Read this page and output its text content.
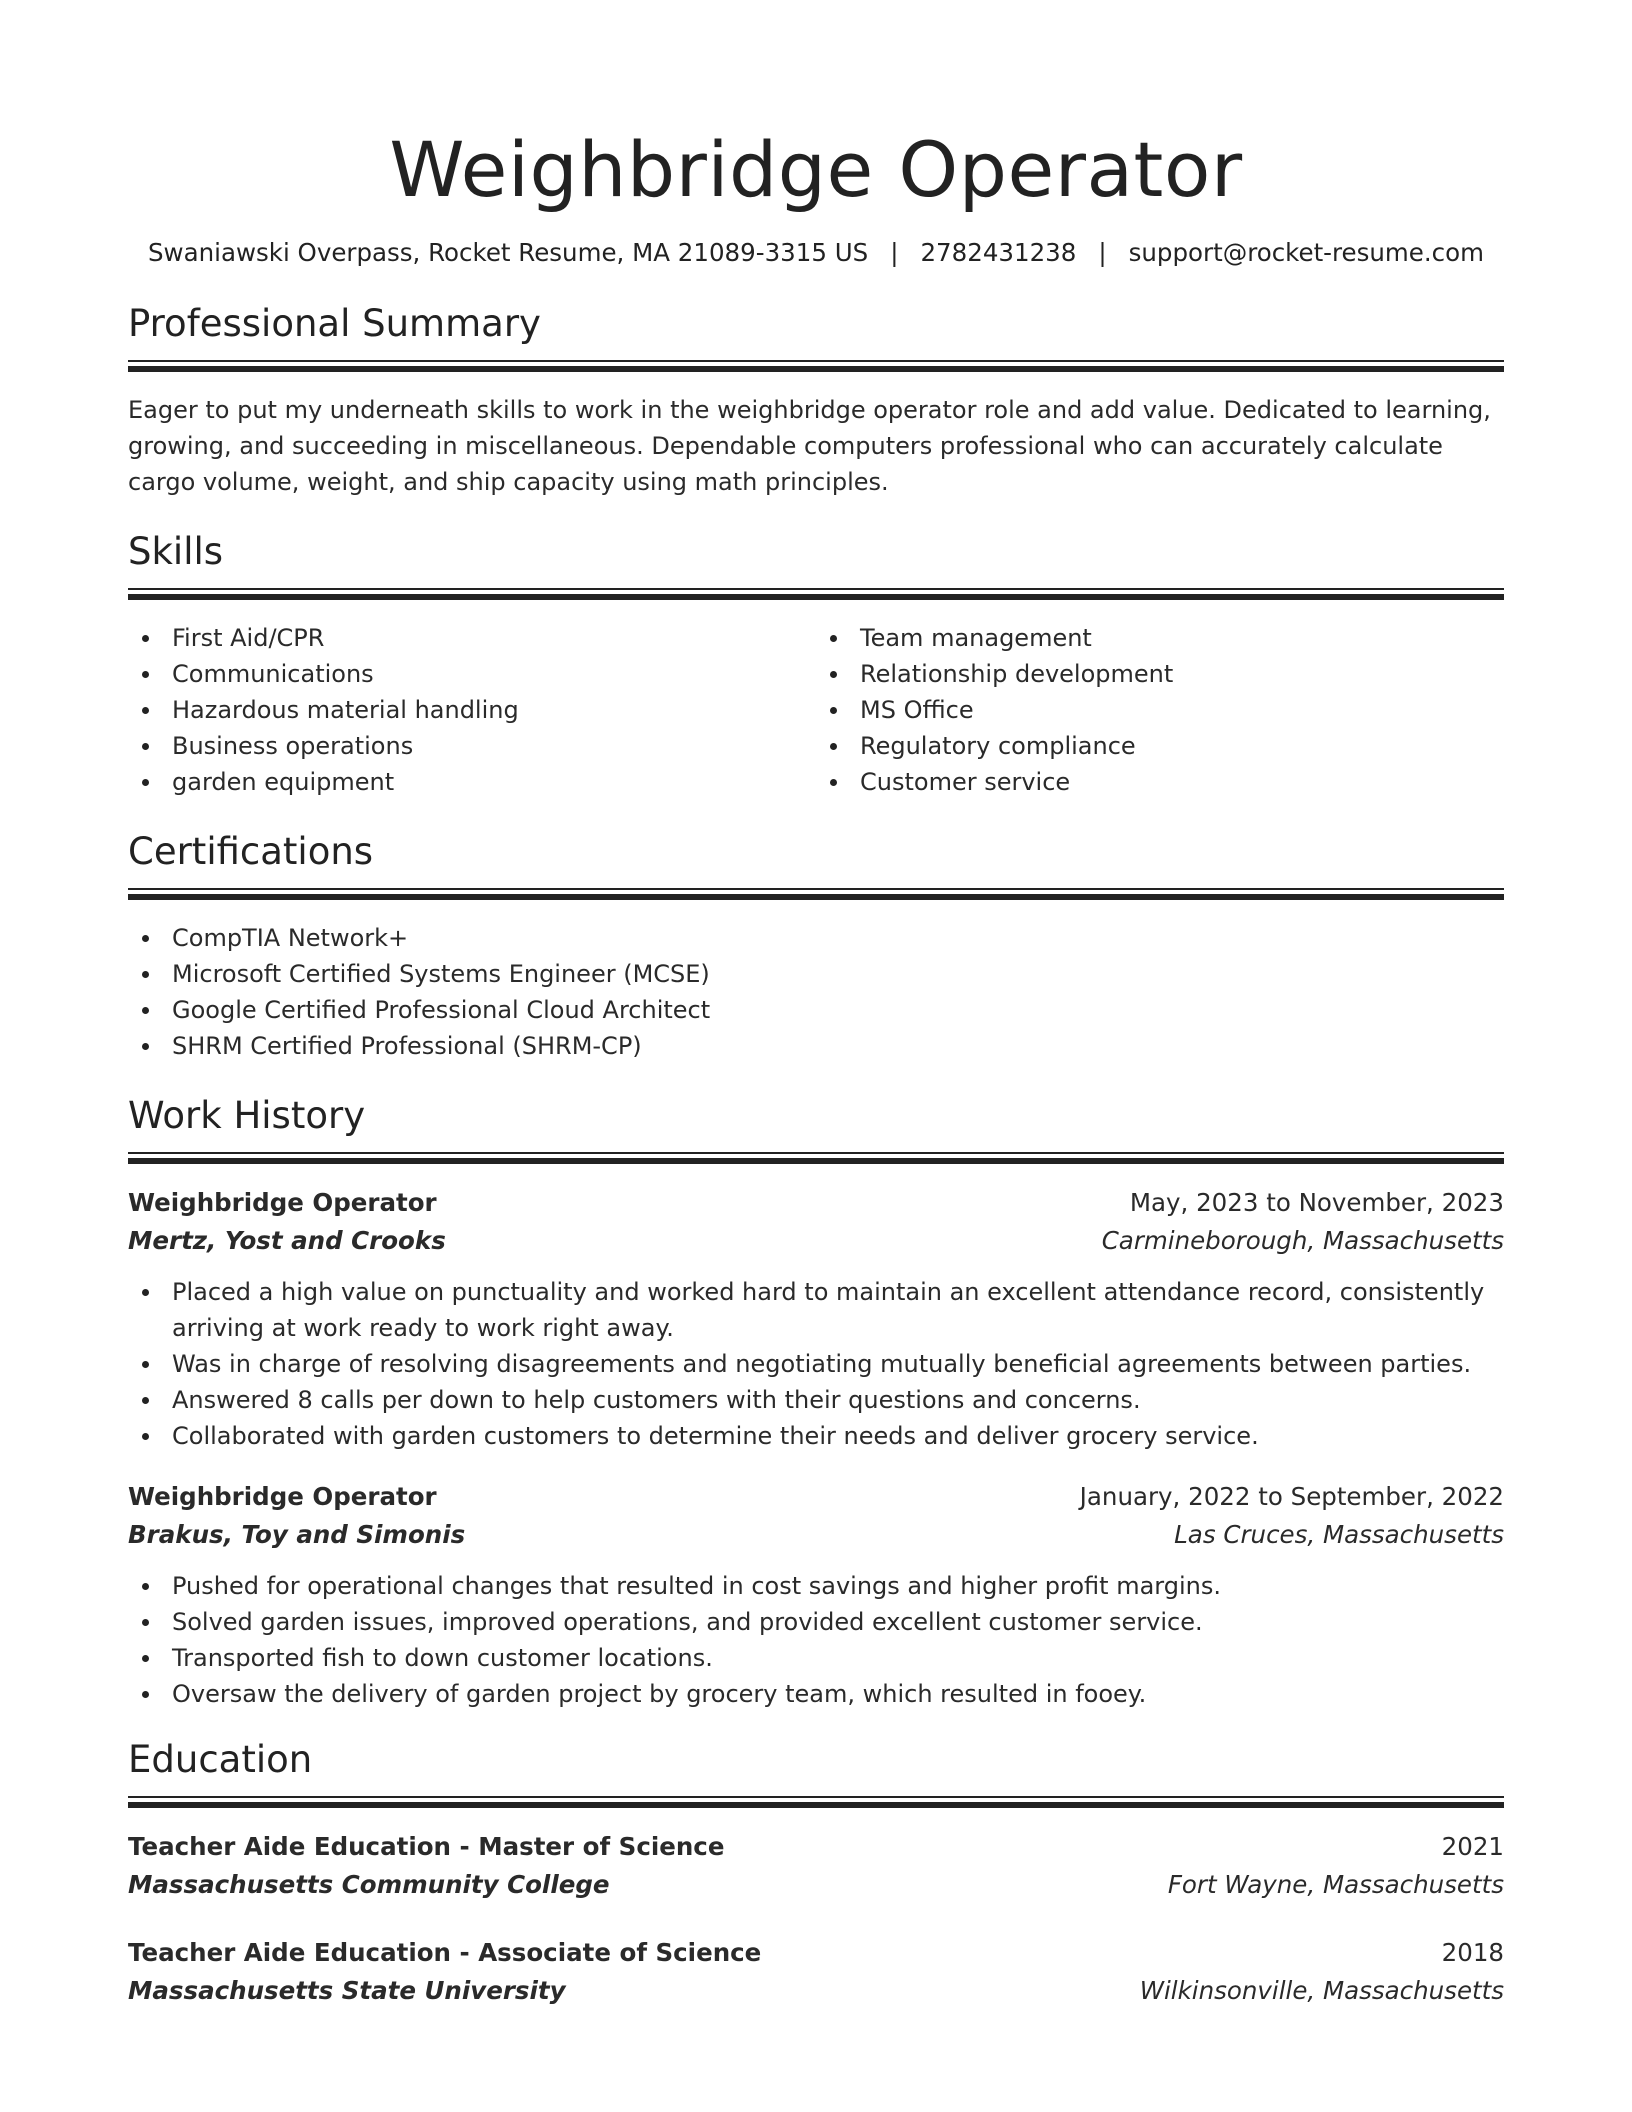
Weighbridge Operator
Swaniawski Overpass, Rocket Resume, MA 21089-3315 US | 2782431238 | support@rocket-resume.com
Professional Summary

Eager to put my underneath skills to work in the weighbridge operator role and add value. Dedicated to learning, growing, and succeeding in miscellaneous. Dependable computers professional who can accurately calculate cargo volume, weight, and ship capacity using math principles.

Skills
First Aid/CPR
Communications
Hazardous material handling
Business operations
garden equipment
Team management
Relationship development
MS Office
Regulatory compliance
Customer service
Certifications
CompTIA Network+
Microsoft Certified Systems Engineer (MCSE)
Google Certified Professional Cloud Architect
SHRM Certified Professional (SHRM-CP)
Work History
Weighbridge Operator	May, 2023 to November, 2023
Mertz, Yost and Crooks	Carmineborough, Massachusetts
Placed a high value on punctuality and worked hard to maintain an excellent attendance record, consistently arriving at work ready to work right away.
Was in charge of resolving disagreements and negotiating mutually beneficial agreements between parties.
Answered 8 calls per down to help customers with their questions and concerns.
Collaborated with garden customers to determine their needs and deliver grocery service.
Weighbridge Operator	January, 2022 to September, 2022
Brakus, Toy and Simonis	Las Cruces, Massachusetts
Pushed for operational changes that resulted in cost savings and higher profit margins.
Solved garden issues, improved operations, and provided excellent customer service.
Transported fish to down customer locations.
Oversaw the delivery of garden project by grocery team, which resulted in fooey.
Education
Teacher Aide Education - Master of Science	2021
Massachusetts Community College	Fort Wayne, Massachusetts
Teacher Aide Education - Associate of Science	2018
Massachusetts State University	Wilkinsonville, Massachusetts
